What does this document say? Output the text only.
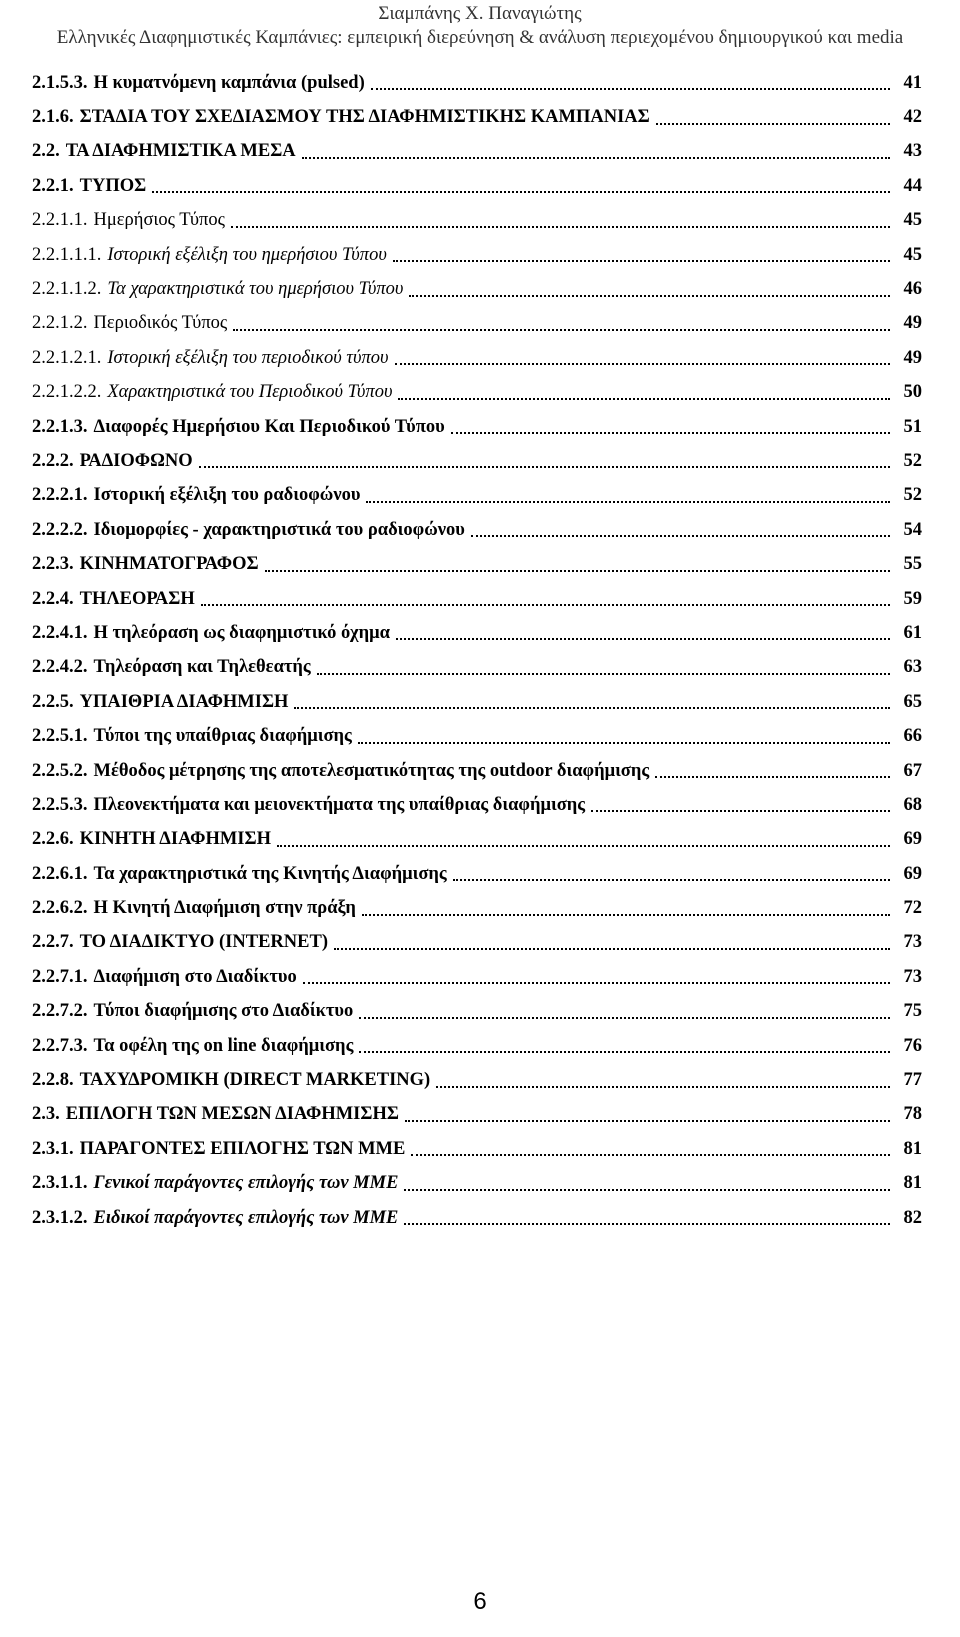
Σιαμπάνης Χ. Παναγιώτης
Ελληνικές Διαφημιστικές Καμπάνιες: εμπειρική διερεύνηση & ανάλυση περιεχομένου δημιουργικού και media
2.1.5.3. Η κυματνόμενη καμπάνια (pulsed)	41
2.1.6. ΣΤΑΔΙΑ ΤΟΥ ΣΧΕΔΙΑΣΜΟΥ ΤΗΣ ΔΙΑΦΗΜΙΣΤΙΚΗΣ ΚΑΜΠΑΝΙΑΣ	42
2.2. ΤΑ ΔΙΑΦΗΜΙΣΤΙΚΑ ΜΕΣΑ	43
2.2.1. ΤΥΠΟΣ	44
2.2.1.1. Ημερήσιος Τύπος	45
2.2.1.1.1. Ιστορική εξέλιξη του ημερήσιου Τύπου	45
2.2.1.1.2. Τα χαρακτηριστικά του ημερήσιου Τύπου	46
2.2.1.2. Περιοδικός Τύπος	49
2.2.1.2.1. Ιστορική εξέλιξη του περιοδικού τύπου	49
2.2.1.2.2. Χαρακτηριστικά του Περιοδικού Τύπου	50
2.2.1.3. Διαφορές Ημερήσιου Και Περιοδικού Τύπου	51
2.2.2. ΡΑΔΙΟΦΩΝΟ	52
2.2.2.1. Ιστορική εξέλιξη του ραδιοφώνου	52
2.2.2.2. Ιδιομορφίες - χαρακτηριστικά του ραδιοφώνου	54
2.2.3. ΚΙΝΗΜΑΤΟΓΡΑΦΟΣ	55
2.2.4. ΤΗΛΕΟΡΑΣΗ	59
2.2.4.1. Η τηλεόραση ως διαφημιστικό όχημα	61
2.2.4.2. Τηλεόραση και Τηλεθεατής	63
2.2.5. ΥΠΑΙΘΡΙΑ ΔΙΑΦΗΜΙΣΗ	65
2.2.5.1. Τύποι της υπαίθριας διαφήμισης	66
2.2.5.2. Μέθοδος μέτρησης της αποτελεσματικότητας της outdoor διαφήμισης	67
2.2.5.3. Πλεονεκτήματα και μειονεκτήματα της υπαίθριας διαφήμισης	68
2.2.6. ΚΙΝΗΤΗ ΔΙΑΦΗΜΙΣΗ	69
2.2.6.1. Τα χαρακτηριστικά της Κινητής Διαφήμισης	69
2.2.6.2. Η Κινητή Διαφήμιση στην πράξη	72
2.2.7. ΤΟ ΔΙΑΔΙΚΤΥΟ (INTERNET)	73
2.2.7.1. Διαφήμιση στο Διαδίκτυο	73
2.2.7.2. Τύποι διαφήμισης στο Διαδίκτυο	75
2.2.7.3. Τα οφέλη της on line διαφήμισης	76
2.2.8. ΤΑΧΥΔΡΟΜΙΚΗ (DIRECT MARKETING)	77
2.3. ΕΠΙΛΟΓΗ ΤΩΝ ΜΕΣΩΝ ΔΙΑΦΗΜΙΣΗΣ	78
2.3.1. ΠΑΡΑΓΟΝΤΕΣ ΕΠΙΛΟΓΗΣ ΤΩΝ ΜΜΕ	81
2.3.1.1. Γενικοί παράγοντες επιλογής των ΜΜΕ	81
2.3.1.2. Ειδικοί παράγοντες επιλογής των ΜΜΕ	82
6
